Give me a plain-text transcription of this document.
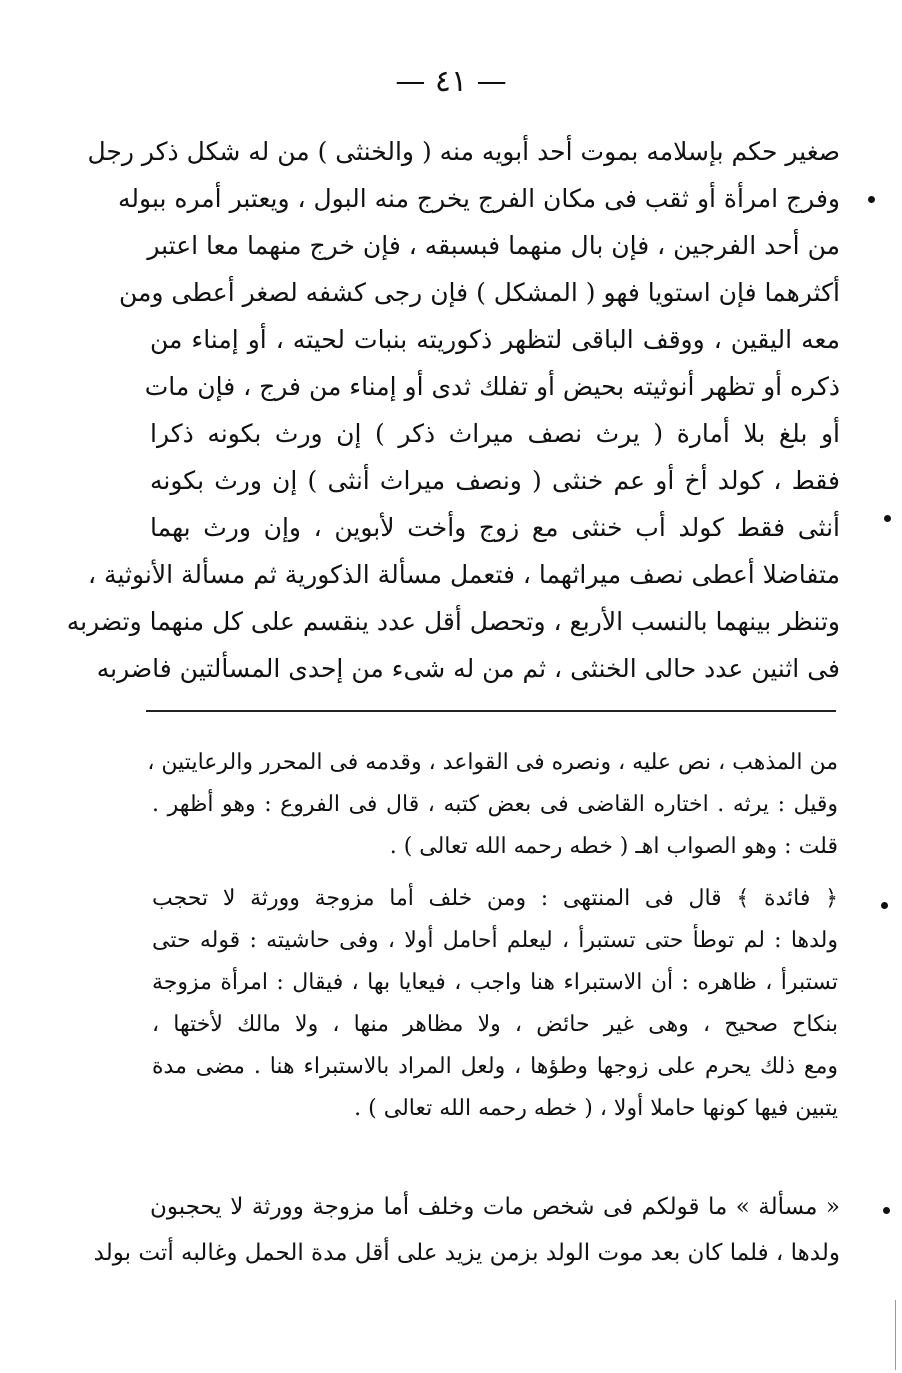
— ٤١ —
صغير حكم بإسلامه بموت أحد أبويه منه ( والخنثى ) من له شكل ذكر رجل
وفرج امرأة أو ثقب فى مكان الفرج يخرج منه البول ، ويعتبر أمره ببوله
من أحد الفرجين ، فإن بال منهما فبسبقه ، فإن خرج منهما معا اعتبر
أكثرهما فإن استويا فهو ( المشكل ) فإن رجى كشفه لصغر أعطى ومن
معه اليقين ، ووقف الباقى لتظهر ذكوريته بنبات لحيته ، أو إمناء من
ذكره أو تظهر أنوثيته بحيض أو تفلك ثدى أو إمناء من فرج ، فإن مات
أو بلغ بلا أمارة ( يرث نصف ميراث ذكر ) إن ورث بكونه ذكرا
فقط ، كولد أخ أو عم خنثى ( ونصف ميراث أنثى ) إن ورث بكونه
أنثى فقط كولد أب خنثى مع زوج وأخت لأبوين ، وإن ورث بهما
متفاضلا أعطى نصف ميراثهما ، فتعمل مسألة الذكورية ثم مسألة الأنوثية ،
وتنظر بينهما بالنسب الأربع ، وتحصل أقل عدد ينقسم على كل منهما وتضربه
فى اثنين عدد حالى الخنثى ، ثم من له شىء من إحدى المسألتين فاضربه
من المذهب ، نص عليه ، ونصره فى القواعد ، وقدمه فى المحرر والرعايتين ،
وقيل : يرثه . اختاره القاضى فى بعض كتبه ، قال فى الفروع : وهو أظهر .
قلت : وهو الصواب اهـ ( خطه رحمه الله تعالى ) .
﴿ فائدة ﴾ قال فى المنتهى : ومن خلف أما مزوجة وورثة لا تحجب
ولدها : لم توطأ حتى تستبرأ ، ليعلم أحامل أولا ، وفى حاشيته : قوله حتى
تستبرأ ، ظاهره : أن الاستبراء هنا واجب ، فيعايا بها ، فيقال : امرأة مزوجة
بنكاح صحيح ، وهى غير حائض ، ولا مظاهر منها ، ولا مالك لأختها ،
ومع ذلك يحرم على زوجها وطؤها ، ولعل المراد بالاستبراء هنا . مضى مدة
يتبين فيها كونها حاملا أولا ، ( خطه رحمه الله تعالى ) .
« مسألة » ما قولكم فى شخص مات وخلف أما مزوجة وورثة لا يحجبون
ولدها ، فلما كان بعد موت الولد بزمن يزيد على أقل مدة الحمل وغالبه أتت بولد
